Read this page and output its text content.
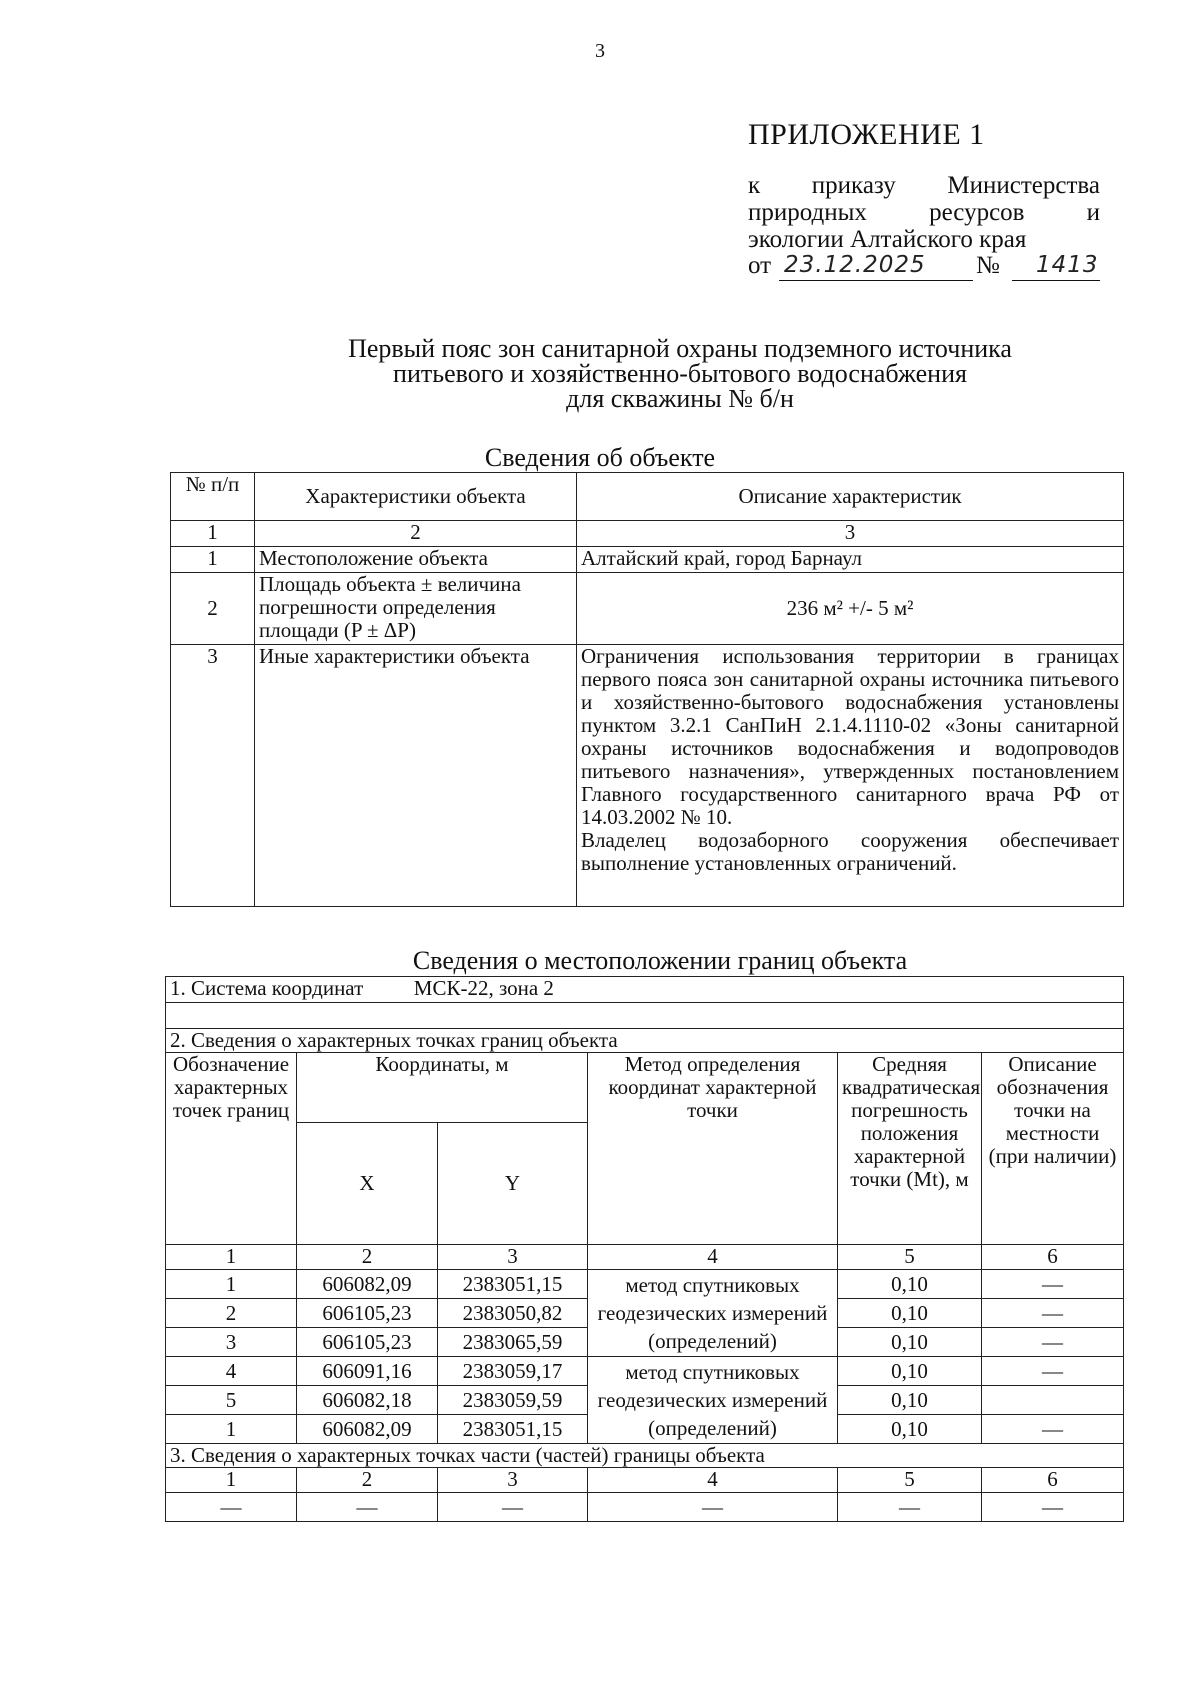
3
ПРИЛОЖЕНИЕ 1
к приказу Министерства
природных ресурсов и
экологии Алтайского края
от 23.12.2025 № 1413
Первый пояс зон санитарной охраны подземного источника
питьевого и хозяйственно-бытового водоснабжения
для скважины № б/н
Сведения об объекте
№ п/п	Характеристики объекта	Описание характеристик
1	2	3
1	Местоположение объекта	Алтайский край, город Барнаул
2	Площадь объекта ± величина погрешности определения площади (P ± ΔP)	236 м² +/- 5 м²
3	Иные характеристики объекта	Ограничения использования территории в границах первого пояса зон санитарной охраны источника питьевого и хозяйственно-бытового водоснабжения установлены пунктом 3.2.1 СанПиН 2.1.4.1110-02 «Зоны санитарной охраны источников водоснабжения и водопроводов питьевого назначения», утвержденных постановлением Главного государственного санитарного врача РФ от 14.03.2002 № 10.
Владелец водозаборного сооружения обеспечивает выполнение установленных ограничений.
Сведения о местоположении границ объекта
1. Система координат МСК-22, зона 2					

2. Сведения о характерных точках границ объекта					
Обозначение характерных точек границ	Координаты, м		Метод определения координат характерной точки	Средняя квадратическая погрешность положения характерной точки (Mt), м	Описание обозначения точки на местности (при наличии)
	X	Y			
1	2	3	4	5	6
1	606082,09	2383051,15	метод спутниковых геодезических измерений (определений)	0,10	—
2	606105,23	2383050,82		0,10	—
3	606105,23	2383065,59		0,10	—
4	606091,16	2383059,17	метод спутниковых геодезических измерений (определений)	0,10	—
5	606082,18	2383059,59		0,10	
1	606082,09	2383051,15		0,10	—
3. Сведения о характерных точках части (частей) границы объекта					
1	2	3	4	5	6
—	—	—	—	—	—
